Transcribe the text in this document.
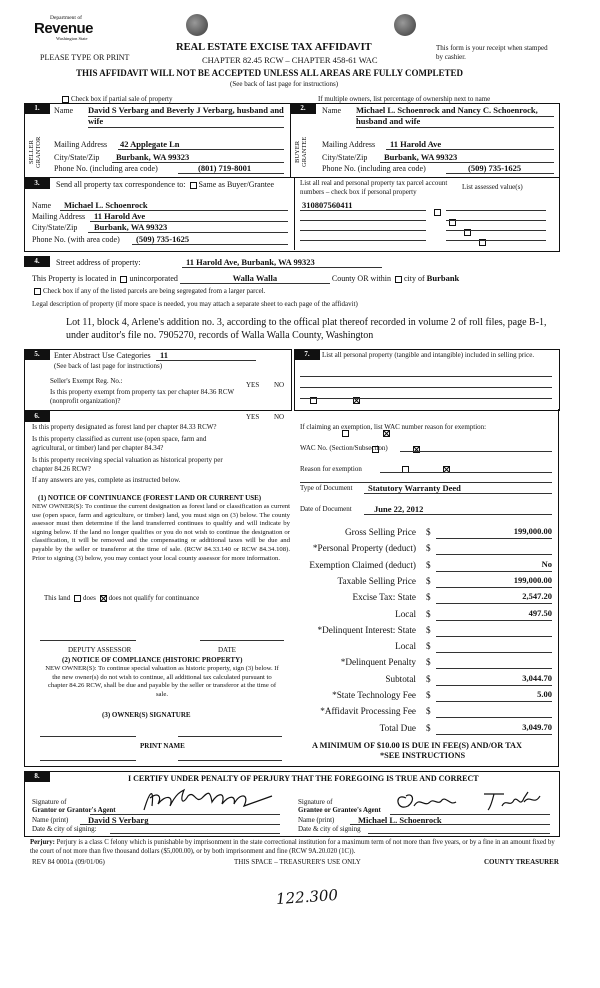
Department of
Revenue
Washington State
PLEASE TYPE OR PRINT
REAL ESTATE EXCISE TAX AFFIDAVIT
CHAPTER 82.45 RCW – CHAPTER 458-61 WAC
This form is your receipt when stamped by cashier.
THIS AFFIDAVIT WILL NOT BE ACCEPTED UNLESS ALL AREAS ARE FULLY COMPLETED
(See back of last page for instructions)
Check box if partial sale of property	If multiple owners, list percentage of ownership next to name
1.
SELLER GRANTOR
Name David S Verbarg and Beverly J Verbarg, husband and wife
Mailing Address 42 Applegate Ln
City/State/Zip Burbank, WA 99323
Phone No. (including area code)	(801) 719-8001
2.
BUYER GRANTEE
Name Michael L. Schoenrock and Nancy C. Schoenrock, husband and wife
Mailing Address 11 Harold Ave
City/State/Zip Burbank, WA 99323
Phone No. (including area code)	(509) 735-1625
3.	Send all property tax correspondence to: Same as Buyer/Grantee	List all real and personal property tax parcel account numbers – check box if personal property
List assessed value(s)
Name Michael L. Schoenrock
Mailing Address 11 Harold Ave
City/State/Zip Burbank, WA 99323
Phone No. (with area code) (509) 735-1625
310807560411

4.	Street address of property:	11 Harold Ave, Burbank, WA 99323
This Property is located in unincorporated	Walla Walla	County OR within city of Burbank
Check box if any of the listed parcels are being segregated from a larger parcel.
Legal description of property (if more space is needed, you may attach a separate sheet to each page of the affidavit)
Lot 11, block 4, Arlene's addition no. 3, according to the offical plat thereof recorded in volume 2 of roll files, page B-1, under auditor's file no. 7905270, records of Walla Walla County, Washington
5.	Enter Abstract Use Categories 11
(See back of last page for instructions)
Seller's Exempt Reg. No.:	YES NO
Is this property exempt from property tax per chapter 84.36 RCW (nonprofit organization)?

7.	List all personal property (tangible and intangible) included in selling price.
6.	YES NO
Is this property designated as forest land per chapter 84.33 RCW?

Is this property classified as current use (open space, farm and agricultural, or timber) land per chapter 84.34?

Is this property receiving special valuation as historical property per chapter 84.26 RCW?

If any answers are yes, complete as instructed below.
(1) NOTICE OF CONTINUANCE (FOREST LAND OR CURRENT USE)
NEW OWNER(S): To continue the current designation as forest land or classification as current use (open space, farm and agriculture, or timber) land, you must sign on (3) below. The county assessor must then determine if the land transferred continues to qualify and will indicate by signing below. If the land no longer qualifies or you do not wish to continue the designation or classification, it will be removed and the compensating or additional taxes will be due and payable by the seller or transferor at the time of sale. (RCW 84.33.140 or RCW 84.34.108). Prior to signing (3) below, you may contact your local county assessor for more information.
This land does does not qualify for continuance
DEPUTY ASSESSOR	DATE
(2) NOTICE OF COMPLIANCE (HISTORIC PROPERTY)
NEW OWNER(S): To continue special valuation as historic property, sign (3) below. If the new owner(s) do not wish to continue, all additional tax calculated pursuant to chapter 84.26 RCW, shall be due and payable by the seller or transferor at the time of sale.
(3) OWNER(S) SIGNATURE
PRINT NAME
If claiming an exemption, list WAC number reason for exemption:
WAC No. (Section/Subsection)
Reason for exemption
Type of Document Statutory Warranty Deed
Date of Document	June 22, 2012
Gross Selling Price $	199,000.00
*Personal Property (deduct) $
Exemption Claimed (deduct) $	No
Taxable Selling Price $	199,000.00
Excise Tax: State $	2,547.20
Local $	497.50
*Delinquent Interest: State $
Local $
*Delinquent Penalty $
Subtotal $	3,044.70
*State Technology Fee $	5.00
*Affidavit Processing Fee $
Total Due $	3,049.70
A MINIMUM OF $10.00 IS DUE IN FEE(S) AND/OR TAX
*SEE INSTRUCTIONS
8.	I CERTIFY UNDER PENALTY OF PERJURY THAT THE FOREGOING IS TRUE AND CORRECT
Signature of
Grantor or Grantor's Agent
Name (print) David S Verbarg
Date & city of signing:
Signature of
Grantee or Grantee's Agent
Name (print)	Michael L. Schoenrock
Date & city of signing
Perjury: Perjury is a class C felony which is punishable by imprisonment in the state correctional institution for a maximum term of not more than five years, or by a fine in an amount fixed by the court of not more than five thousand dollars ($5,000.00), or by both imprisonment and fine (RCW 9A.20.020 (1C)).
REV 84 0001a (09/01/06)	THIS SPACE – TREASURER'S USE ONLY	COUNTY TREASURER
122.300
